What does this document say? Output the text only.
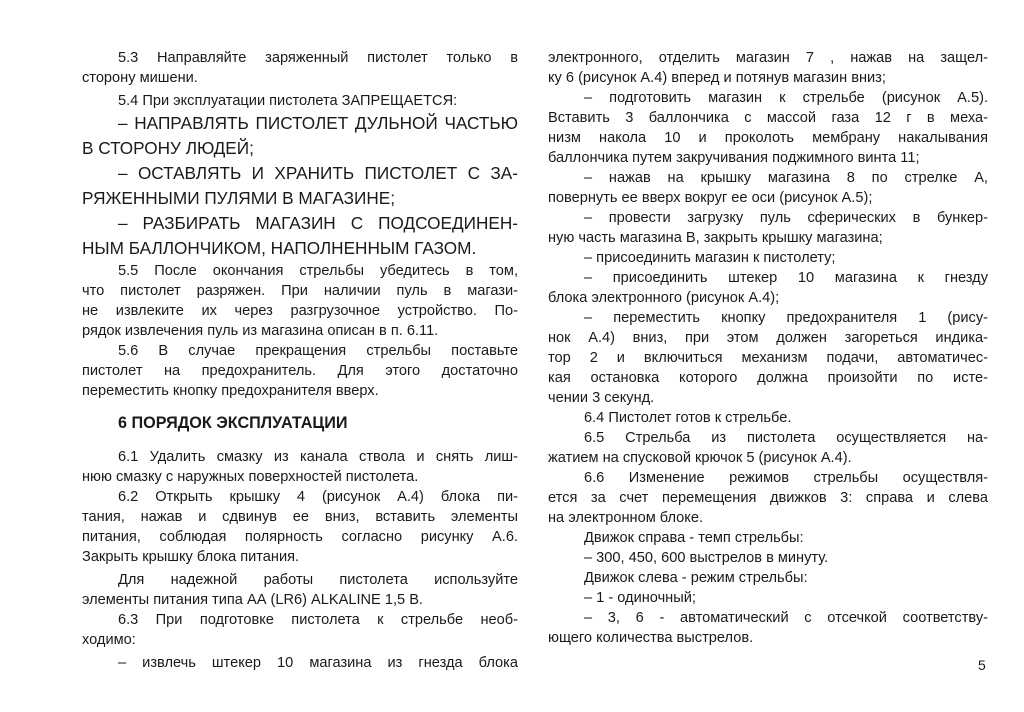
5.3 Направляйте заряженный пистолет только в
сторону мишени.
5.4 При эксплуатации пистолета ЗАПРЕЩАЕТСЯ:
– НАПРАВЛЯТЬ ПИСТОЛЕТ ДУЛЬНОЙ ЧАСТЬЮ
В СТОРОНУ ЛЮДЕЙ;
– ОСТАВЛЯТЬ И ХРАНИТЬ ПИСТОЛЕТ С ЗА-
РЯЖЕННЫМИ ПУЛЯМИ В МАГАЗИНЕ;
– РАЗБИРАТЬ МАГАЗИН С ПОДСОЕДИНЕН-
НЫМ БАЛЛОНЧИКОМ, НАПОЛНЕННЫМ ГАЗОМ.
5.5 После окончания стрельбы убедитесь в том,
что пистолет разряжен. При наличии пуль в магази-
не извлеките их через разгрузочное устройство. По-
рядок извлечения пуль из магазина описан в п. 6.11.
5.6 В случае прекращения стрельбы поставьте
пистолет на предохранитель. Для этого достаточно
переместить кнопку предохранителя вверх.
6 ПОРЯДОК ЭКСПЛУАТАЦИИ
6.1 Удалить смазку из канала ствола и снять лиш-
нюю смазку с наружных поверхностей пистолета.
6.2 Открыть крышку 4 (рисунок А.4) блока пи-
тания, нажав и сдвинув ее вниз, вставить элементы
питания, соблюдая полярность согласно рисунку А.6.
Закрыть крышку блока питания.
Для надежной работы пистолета используйте
элементы питания типа АА (LR6) ALKALINE 1,5 В.
6.3 При подготовке пистолета к стрельбе необ-
ходимо:
– извлечь штекер 10 магазина из гнезда блока
электронного, отделить магазин 7 , нажав на защел-
ку 6 (рисунок А.4) вперед и потянув магазин вниз;
– подготовить магазин к стрельбе (рисунок А.5).
Вставить 3 баллончика с массой газа 12 г в меха-
низм накола 10 и проколоть мембрану накалывания
баллончика путем закручивания поджимного винта 11;
– нажав на крышку магазина 8 по стрелке А,
повернуть ее вверх вокруг ее оси (рисунок А.5);
– провести загрузку пуль сферических в бункер-
ную часть магазина В, закрыть крышку магазина;
– присоединить магазин к пистолету;
– присоединить штекер 10 магазина к гнезду
блока электронного (рисунок А.4);
– переместить кнопку предохранителя 1 (рису-
нок А.4) вниз, при этом должен загореться индика-
тор 2 и включиться механизм подачи, автоматичес-
кая остановка которого должна произойти по исте-
чении 3 секунд.
6.4 Пистолет готов к стрельбе.
6.5 Стрельба из пистолета осуществляется на-
жатием на спусковой крючок 5 (рисунок А.4).
6.6 Изменение режимов стрельбы осуществля-
ется за счет перемещения движков 3: справа и слева
на электронном блоке.
Движок справа - темп стрельбы:
– 300, 450, 600 выстрелов в минуту.
Движок слева - режим стрельбы:
– 1 - одиночный;
– 3, 6 - автоматический с отсечкой соответству-
ющего количества выстрелов.
5
